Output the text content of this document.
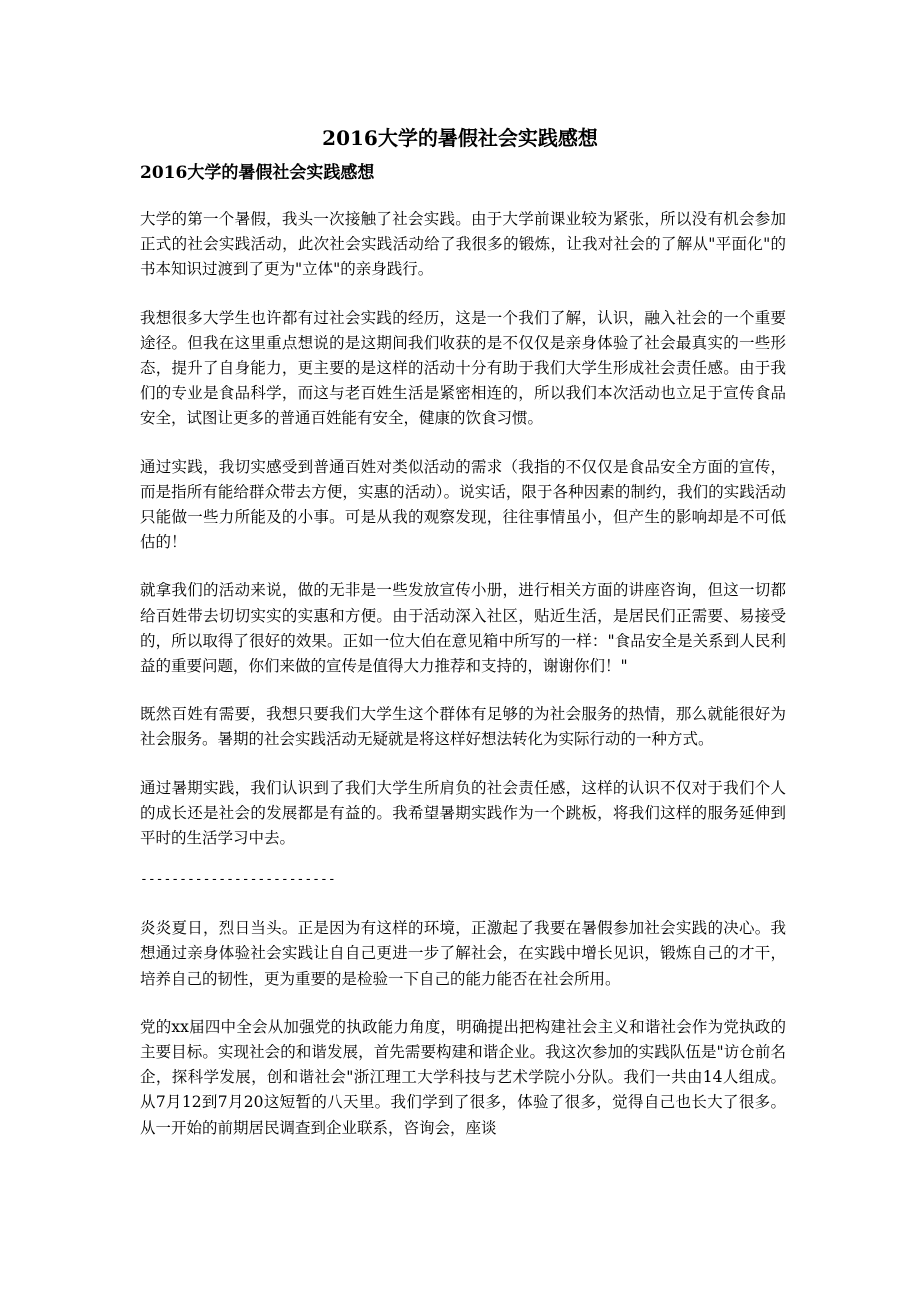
2016大学的暑假社会实践感想
2016大学的暑假社会实践感想

大学的第一个暑假，我头一次接触了社会实践。由于大学前课业较为紧张，所以没有机会参加正式的社会实践活动，此次社会实践活动给了我很多的锻炼，让我对社会的了解从"平面化"的书本知识过渡到了更为"立体"的亲身践行。

我想很多大学生也许都有过社会实践的经历，这是一个我们了解，认识，融入社会的一个重要途径。但我在这里重点想说的是这期间我们收获的是不仅仅是亲身体验了社会最真实的一些形态，提升了自身能力，更主要的是这样的活动十分有助于我们大学生形成社会责任感。由于我们的专业是食品科学，而这与老百姓生活是紧密相连的，所以我们本次活动也立足于宣传食品安全，试图让更多的普通百姓能有安全，健康的饮食习惯。

通过实践，我切实感受到普通百姓对类似活动的需求（我指的不仅仅是食品安全方面的宣传，而是指所有能给群众带去方便，实惠的活动）。说实话，限于各种因素的制约，我们的实践活动只能做一些力所能及的小事。可是从我的观察发现，往往事情虽小，但产生的影响却是不可低估的！

就拿我们的活动来说，做的无非是一些发放宣传小册，进行相关方面的讲座咨询，但这一切都给百姓带去切切实实的实惠和方便。由于活动深入社区，贴近生活，是居民们正需要、易接受的，所以取得了很好的效果。正如一位大伯在意见箱中所写的一样："食品安全是关系到人民利益的重要问题，你们来做的宣传是值得大力推荐和支持的，谢谢你们！"

既然百姓有需要，我想只要我们大学生这个群体有足够的为社会服务的热情，那么就能很好为社会服务。暑期的社会实践活动无疑就是将这样好想法转化为实际行动的一种方式。

通过暑期实践，我们认识到了我们大学生所肩负的社会责任感，这样的认识不仅对于我们个人的成长还是社会的发展都是有益的。我希望暑期实践作为一个跳板，将我们这样的服务延伸到平时的生活学习中去。

-------------------------

炎炎夏日，烈日当头。正是因为有这样的环境，正激起了我要在暑假参加社会实践的决心。我想通过亲身体验社会实践让自自己更进一步了解社会，在实践中增长见识，锻炼自己的才干，培养自己的韧性，更为重要的是检验一下自己的能力能否在社会所用。

党的xx届四中全会从加强党的执政能力角度，明确提出把构建社会主义和谐社会作为党执政的主要目标。实现社会的和谐发展，首先需要构建和谐企业。我这次参加的实践队伍是"访仓前名企，探科学发展，创和谐社会"浙江理工大学科技与艺术学院小分队。我们一共由14人组成。从7月12到7月20这短暂的八天里。我们学到了很多，体验了很多，觉得自己也长大了很多。从一开始的前期居民调查到企业联系，咨询会，座谈
